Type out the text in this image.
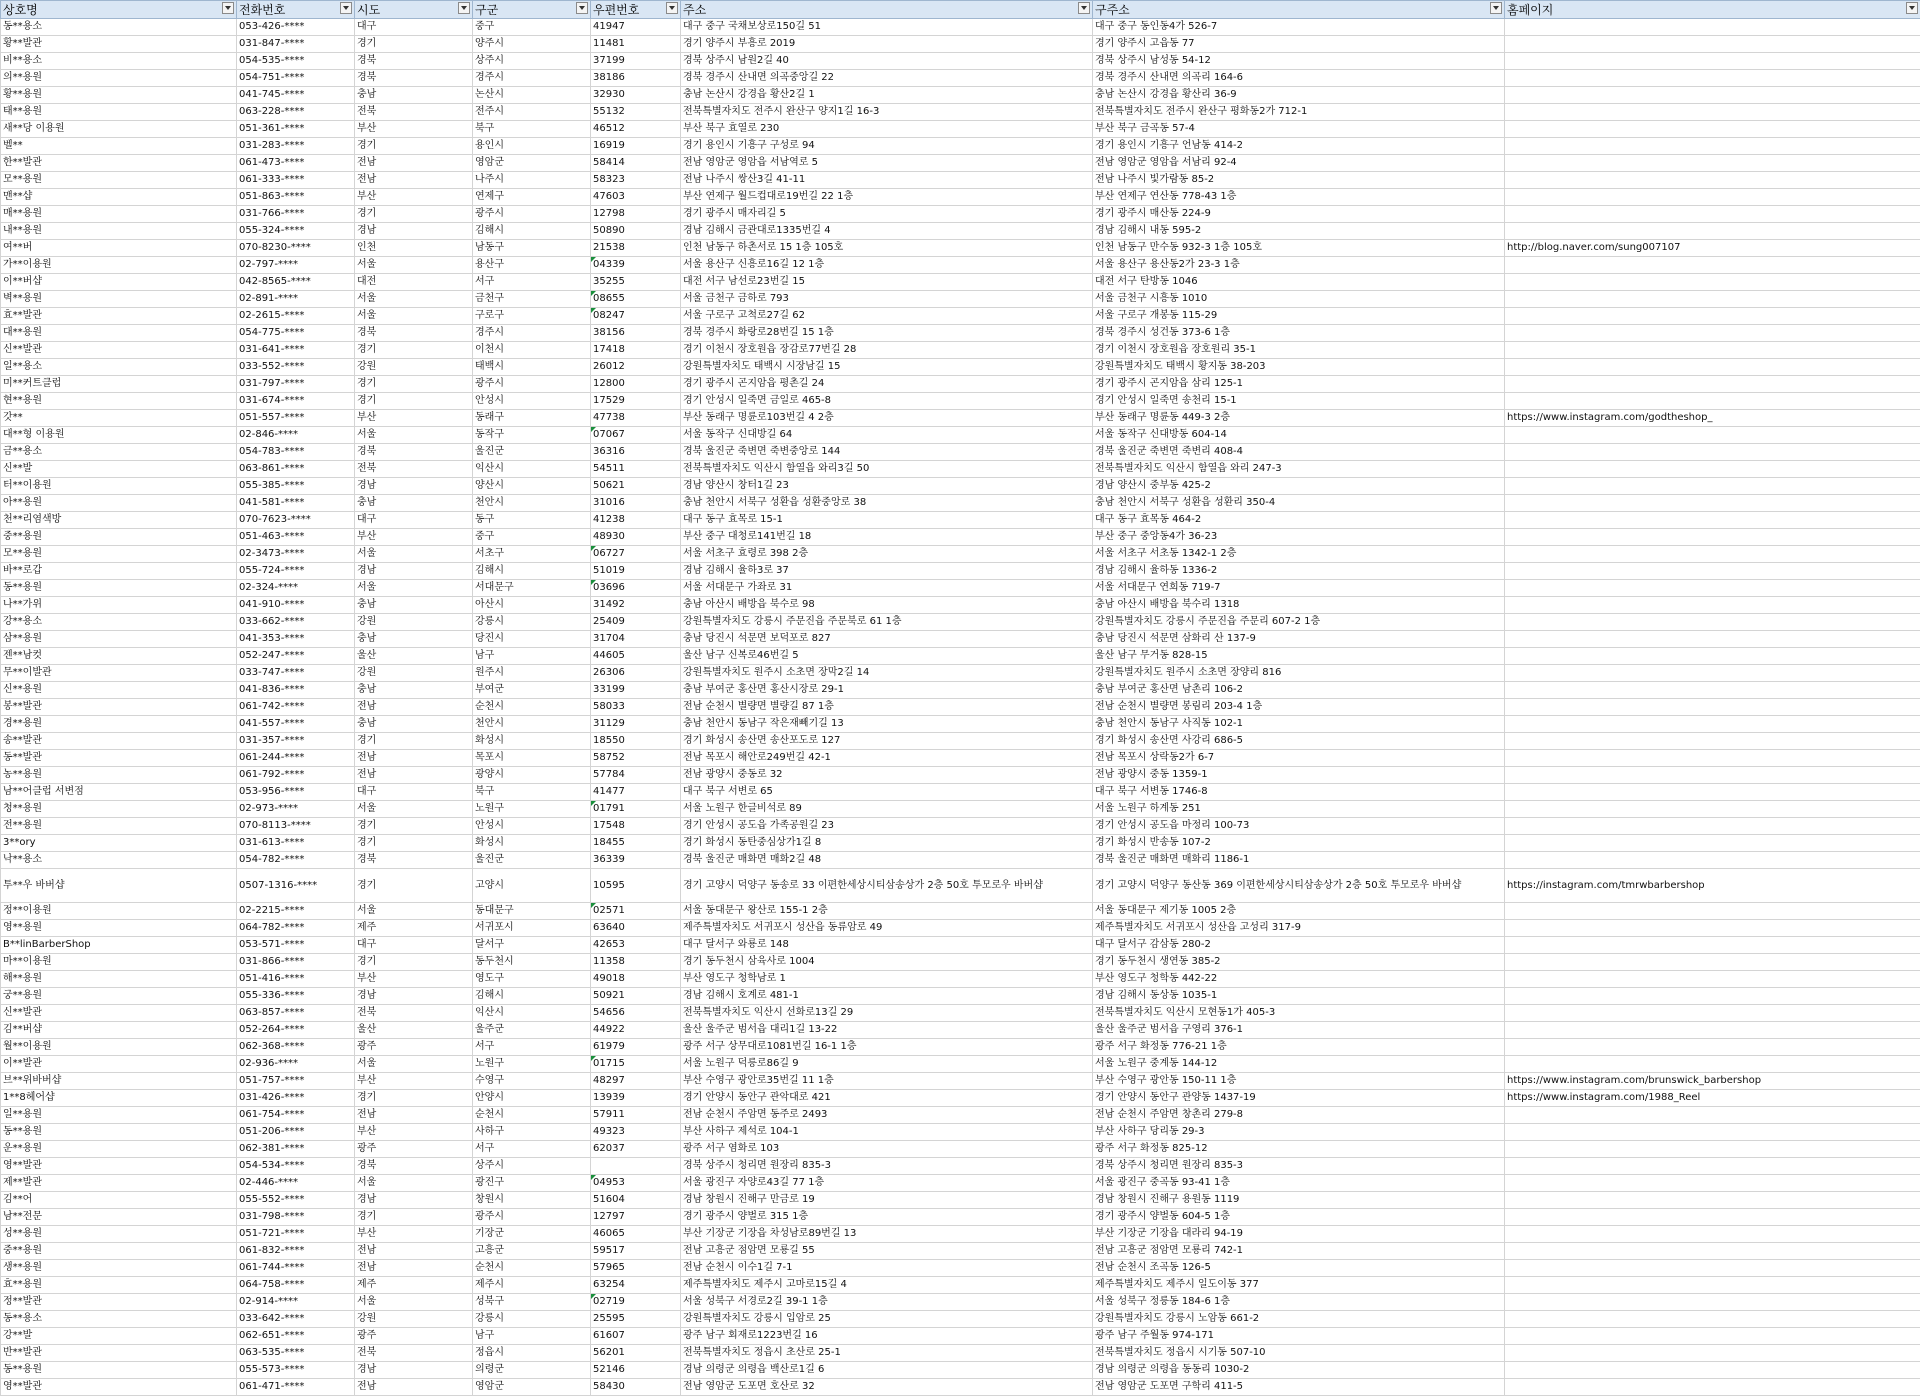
상호명	전화번호	시도	구군	우편번호	주소	구주소	홈페이지

동**용소	053-426-****	대구	중구	41947	대구 중구 국채보상로150길 51	대구 중구 동인동4가 526-7	
황**발관	031-847-****	경기	양주시	11481	경기 양주시 부흥로 2019	경기 양주시 고읍동 77	
비**용소	054-535-****	경북	상주시	37199	경북 상주시 남원2길 40	경북 상주시 남성동 54-12	
의**용원	054-751-****	경북	경주시	38186	경북 경주시 산내면 의곡중앙길 22	경북 경주시 산내면 의곡리 164-6	
황**용원	041-745-****	충남	논산시	32930	충남 논산시 강경읍 황산2길 1	충남 논산시 강경읍 황산리 36-9	
태**용원	063-228-****	전북	전주시	55132	전북특별자치도 전주시 완산구 양지1길 16-3	전북특별자치도 전주시 완산구 평화동2가 712-1	
새**당 이용원	051-361-****	부산	북구	46512	부산 북구 효열로 230	부산 북구 금곡동 57-4	
벨**	031-283-****	경기	용인시	16919	경기 용인시 기흥구 구성로 94	경기 용인시 기흥구 언남동 414-2	
한**발관	061-473-****	전남	영암군	58414	전남 영암군 영암읍 서남역로 5	전남 영암군 영암읍 서남리 92-4	
모**용원	061-333-****	전남	나주시	58323	전남 나주시 쌍산3길 41-11	전남 나주시 빛가람동 85-2	
맨**샵	051-863-****	부산	연제구	47603	부산 연제구 월드컵대로19번길 22 1층	부산 연제구 연산동 778-43 1층	
매**용원	031-766-****	경기	광주시	12798	경기 광주시 매자리길 5	경기 광주시 매산동 224-9	
내**용원	055-324-****	경남	김해시	50890	경남 김해시 금관대로1335번길 4	경남 김해시 내동 595-2	
여**버	070-8230-****	인천	남동구	21538	인천 남동구 하촌서로 15 1층 105호	인천 남동구 만수동 932-3 1층 105호	http://blog.naver.com/sung007107
가**이용원	02-797-****	서울	용산구	04339	서울 용산구 신흥로16길 12 1층	서울 용산구 용산동2가 23-3 1층	
이**버샵	042-8565-****	대전	서구	35255	대전 서구 남선로23번길 15	대전 서구 탄방동 1046	
벽**용원	02-891-****	서울	금천구	08655	서울 금천구 금하로 793	서울 금천구 시흥동 1010	
효**발관	02-2615-****	서울	구로구	08247	서울 구로구 고척로27길 62	서울 구로구 개봉동 115-29	
대**용원	054-775-****	경북	경주시	38156	경북 경주시 화랑로28번길 15 1층	경북 경주시 성건동 373-6 1층	
신**발관	031-641-****	경기	이천시	17418	경기 이천시 장호원읍 장감로77번길 28	경기 이천시 장호원읍 장호원리 35-1	
일**용소	033-552-****	강원	태백시	26012	강원특별자치도 태백시 시장남길 15	강원특별자치도 태백시 황지동 38-203	
미**커트클럽	031-797-****	경기	광주시	12800	경기 광주시 곤지암읍 평촌길 24	경기 광주시 곤지암읍 삼리 125-1	
현**용원	031-674-****	경기	안성시	17529	경기 안성시 일죽면 금일로 465-8	경기 안성시 일죽면 송천리 15-1	
갓**	051-557-****	부산	동래구	47738	부산 동래구 명륜로103번길 4 2층	부산 동래구 명륜동 449-3 2층	https://www.instagram.com/godtheshop_
대**형 이용원	02-846-****	서울	동작구	07067	서울 동작구 신대방길 64	서울 동작구 신대방동 604-14	
금**용소	054-783-****	경북	울진군	36316	경북 울진군 죽변면 죽변중앙로 144	경북 울진군 죽변면 죽변리 408-4	
신**발	063-861-****	전북	익산시	54511	전북특별자치도 익산시 함열읍 와리3길 50	전북특별자치도 익산시 함열읍 와리 247-3	
터**이용원	055-385-****	경남	양산시	50621	경남 양산시 창터1길 23	경남 양산시 중부동 425-2	
아**용원	041-581-****	충남	천안시	31016	충남 천안시 서북구 성환읍 성환중앙로 38	충남 천안시 서북구 성환읍 성환리 350-4	
천**리염색방	070-7623-****	대구	동구	41238	대구 동구 효목로 15-1	대구 동구 효목동 464-2	
중**용원	051-463-****	부산	중구	48930	부산 중구 대청로141번길 18	부산 중구 중앙동4가 36-23	
모**용원	02-3473-****	서울	서초구	06727	서울 서초구 효령로 398 2층	서울 서초구 서초동 1342-1 2층	
바**로갑	055-724-****	경남	김해시	51019	경남 김해시 율하3로 37	경남 김해시 율하동 1336-2	
동**용원	02-324-****	서울	서대문구	03696	서울 서대문구 가좌로 31	서울 서대문구 연희동 719-7	
나**가위	041-910-****	충남	아산시	31492	충남 아산시 배방읍 북수로 98	충남 아산시 배방읍 북수리 1318	
강**용소	033-662-****	강원	강릉시	25409	강원특별자치도 강릉시 주문진읍 주문북로 61 1층	강원특별자치도 강릉시 주문진읍 주문리 607-2 1층	
삼**용원	041-353-****	충남	당진시	31704	충남 당진시 석문면 보덕포로 827	충남 당진시 석문면 삼화리 산 137-9	
젠**남컷	052-247-****	울산	남구	44605	울산 남구 신복로46번길 5	울산 남구 무거동 828-15	
무**이발관	033-747-****	강원	원주시	26306	강원특별자치도 원주시 소초면 장막2길 14	강원특별자치도 원주시 소초면 장양리 816	
신**용원	041-836-****	충남	부여군	33199	충남 부여군 홍산면 홍산시장로 29-1	충남 부여군 홍산면 남촌리 106-2	
봉**발관	061-742-****	전남	순천시	58033	전남 순천시 별량면 별량길 87 1층	전남 순천시 별량면 봉림리 203-4 1층	
경**용원	041-557-****	충남	천안시	31129	충남 천안시 동남구 작은재빼기길 13	충남 천안시 동남구 사직동 102-1	
송**발관	031-357-****	경기	화성시	18550	경기 화성시 송산면 송산포도로 127	경기 화성시 송산면 사강리 686-5	
동**발관	061-244-****	전남	목포시	58752	전남 목포시 해안로249번길 42-1	전남 목포시 상락동2가 6-7	
농**용원	061-792-****	전남	광양시	57784	전남 광양시 중동로 32	전남 광양시 중동 1359-1	
남**어클럽 서변점	053-956-****	대구	북구	41477	대구 북구 서변로 65	대구 북구 서변동 1746-8	
청**용원	02-973-****	서울	노원구	01791	서울 노원구 한글비석로 89	서울 노원구 하계동 251	
전**용원	070-8113-****	경기	안성시	17548	경기 안성시 공도읍 가족공원길 23	경기 안성시 공도읍 마정리 100-73	
3**ory	031-613-****	경기	화성시	18455	경기 화성시 동탄중심상가1길 8	경기 화성시 반송동 107-2	
낙**용소	054-782-****	경북	울진군	36339	경북 울진군 매화면 매화2길 48	경북 울진군 매화면 매화리 1186-1	
투**우 바버샵	0507-1316-****	경기	고양시	10595	경기 고양시 덕양구 동송로 33 이편한세상시티삼송상가 2층 50호 투모로우 바버샵	경기 고양시 덕양구 동산동 369 이편한세상시티삼송상가 2층 50호 투모로우 바버샵	https://instagram.com/tmrwbarbershop
정**이용원	02-2215-****	서울	동대문구	02571	서울 동대문구 왕산로 155-1 2층	서울 동대문구 제기동 1005 2층	
영**용원	064-782-****	제주	서귀포시	63640	제주특별자치도 서귀포시 성산읍 동류암로 49	제주특별자치도 서귀포시 성산읍 고성리 317-9	
B**linBarberShop	053-571-****	대구	달서구	42653	대구 달서구 와룡로 148	대구 달서구 감삼동 280-2	
마**이용원	031-866-****	경기	동두천시	11358	경기 동두천시 삼육사로 1004	경기 동두천시 생연동 385-2	
해**용원	051-416-****	부산	영도구	49018	부산 영도구 청학남로 1	부산 영도구 청학동 442-22	
궁**용원	055-336-****	경남	김해시	50921	경남 김해시 호계로 481-1	경남 김해시 동상동 1035-1	
신**발관	063-857-****	전북	익산시	54656	전북특별자치도 익산시 선화로13길 29	전북특별자치도 익산시 모현동1가 405-3	
김**버샵	052-264-****	울산	울주군	44922	울산 울주군 범서읍 대리1길 13-22	울산 울주군 범서읍 구영리 376-1	
월**이용원	062-368-****	광주	서구	61979	광주 서구 상무대로1081번길 16-1 1층	광주 서구 화정동 776-21 1층	
이**발관	02-936-****	서울	노원구	01715	서울 노원구 덕릉로86길 9	서울 노원구 중계동 144-12	
브**위바버샵	051-757-****	부산	수영구	48297	부산 수영구 광안로35번길 11 1층	부산 수영구 광안동 150-11 1층	https://www.instagram.com/brunswick_barbershop
1**8헤어샵	031-426-****	경기	안양시	13939	경기 안양시 동안구 관악대로 421	경기 안양시 동안구 관양동 1437-19	https://www.instagram.com/1988_Reel
일**용원	061-754-****	전남	순천시	57911	전남 순천시 주암면 동주로 2493	전남 순천시 주암면 창촌리 279-8	
동**용원	051-206-****	부산	사하구	49323	부산 사하구 제석로 104-1	부산 사하구 당리동 29-3	
운**용원	062-381-****	광주	서구	62037	광주 서구 염화로 103	광주 서구 화정동 825-12	
영**발관	054-534-****	경북	상주시		경북 상주시 청리면 원장리 835-3	경북 상주시 청리면 원장리 835-3	
제**발관	02-446-****	서울	광진구	04953	서울 광진구 자양로43길 77 1층	서울 광진구 중곡동 93-41 1층	
김**어	055-552-****	경남	창원시	51604	경남 창원시 진해구 만금로 19	경남 창원시 진해구 용원동 1119	
남**전문	031-798-****	경기	광주시	12797	경기 광주시 양벌로 315 1층	경기 광주시 양벌동 604-5 1층	
성**용원	051-721-****	부산	기장군	46065	부산 기장군 기장읍 차성남로89번길 13	부산 기장군 기장읍 대라리 94-19	
중**용원	061-832-****	전남	고흥군	59517	전남 고흥군 점암면 모룡길 55	전남 고흥군 점암면 모룡리 742-1	
생**용원	061-744-****	전남	순천시	57965	전남 순천시 이수1길 7-1	전남 순천시 조곡동 126-5	
효**용원	064-758-****	제주	제주시	63254	제주특별자치도 제주시 고마로15길 4	제주특별자치도 제주시 일도이동 377	
정**발관	02-914-****	서울	성북구	02719	서울 성북구 서경로2길 39-1 1층	서울 성북구 정릉동 184-6 1층	
동**용소	033-642-****	강원	강릉시	25595	강원특별자치도 강릉시 입암로 25	강원특별자치도 강릉시 노암동 661-2	
강**발	062-651-****	광주	남구	61607	광주 남구 회재로1223번길 16	광주 남구 주월동 974-171	
반**발관	063-535-****	전북	정읍시	56201	전북특별자치도 정읍시 초산로 25-1	전북특별자치도 정읍시 시기동 507-10	
동**용원	055-573-****	경남	의령군	52146	경남 의령군 의령읍 백산로1길 6	경남 의령군 의령읍 동동리 1030-2	
영**발관	061-471-****	전남	영암군	58430	전남 영암군 도포면 호산로 32	전남 영암군 도포면 구학리 411-5	
